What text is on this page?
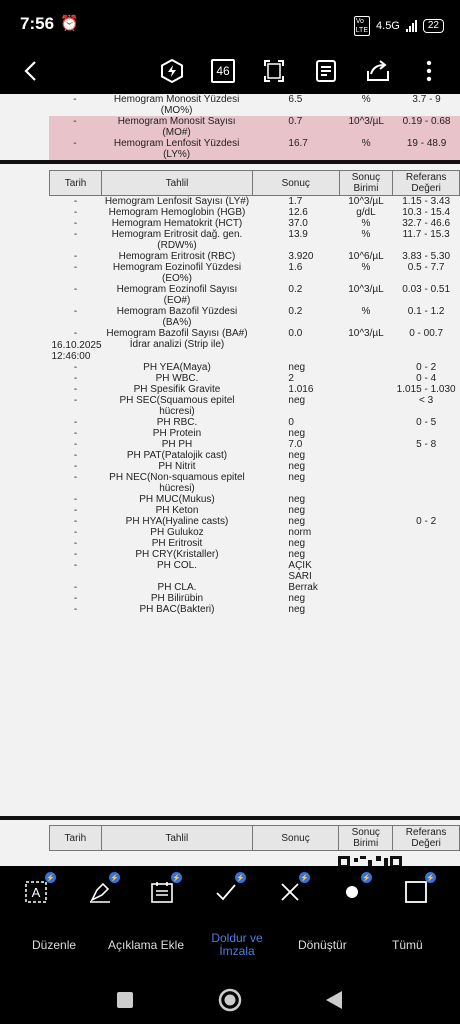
7:56 ⏰	Vo
LTE 4.5G	22
46
-	Hemogram Monosit Yüzdesi (MO%)	6.5	%	3.7 - 9
-	Hemogram Monosit Sayısı (MO#)	0.7	10^3/µL	0.19 - 0.68
-	Hemogram Lenfosit Yüzdesi (LY%)	16.7	%	19 - 48.9
Tarih	Tahlil	Sonuç	Sonuç Birimi	Referans Değeri
-	Hemogram Lenfosit Sayısı (LY#)	1.7	10^3/µL	1.15 - 3.43
-	Hemogram Hemoglobin (HGB)	12.6	g/dL	10.3 - 15.4
-	Hemogram Hematokrit (HCT)	37.0	%	32.7 - 46.6
-	Hemogram Eritrosit dağ. gen. (RDW%)	13.9	%	11.7 - 15.3
-	Hemogram Eritrosit (RBC)	3.920	10^6/µL	3.83 - 5.30
-	Hemogram Eozinofil Yüzdesi (EO%)	1.6	%	0.5 - 7.7
-	Hemogram Eozinofil Sayısı (EO#)	0.2	10^3/µL	0.03 - 0.51
-	Hemogram Bazofil Yüzdesi (BA%)	0.2	%	0.1 - 1.2
-	Hemogram Bazofil Sayısı (BA#)	0.0	10^3/µL	0 - 00.7
16.10.2025 12:46:00	İdrar analizi (Strip ile)			
-	PH YEA(Maya)	neg		0 - 2
-	PH WBC.	2		0 - 4
-	PH Spesifik Gravite	1.016		1.015 - 1.030
-	PH SEC(Squamous epitel hücresi)	neg		< 3
-	PH RBC.	0		0 - 5
-	PH Protein	neg		
-	PH PH	7.0		5 - 8
-	PH PAT(Patalojik cast)	neg		
-	PH Nitrit	neg		
-	PH NEC(Non-squamous epitel hücresi)	neg		
-	PH MUC(Mukus)	neg		
-	PH Keton	neg		
-	PH HYA(Hyaline casts)	neg		0 - 2
-	PH Gulukoz	norm		
-	PH Eritrosit	neg		
-	PH CRY(Kristaller)	neg		
-	PH COL.	AÇIK SARI		
-	PH CLA.	Berrak		
-	PH Bilirübin	neg		
-	PH BAC(Bakteri)	neg		
Tarih	Tahlil	Sonuç	Sonuç Birimi	Referans Değeri
A
⚡	⚡	⚡	⚡	⚡	⚡	⚡
Düzenle	Açıklama Ekle	Doldur ve İmzala	Dönüştür	Tümü
